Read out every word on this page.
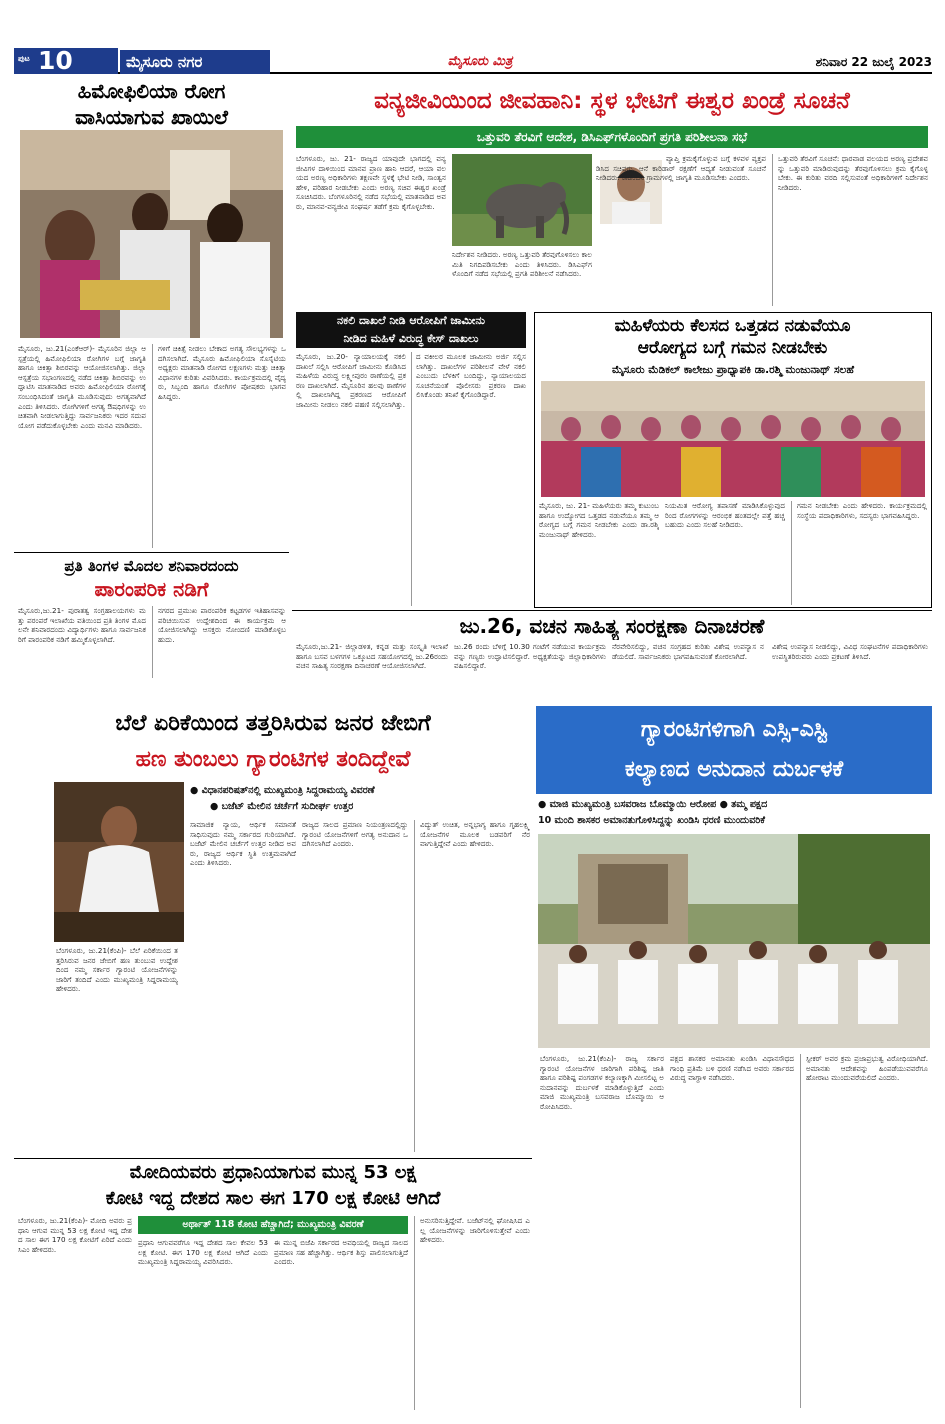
ಪುಟ 10	ಮೈಸೂರು ನಗರ	ಮೈಸೂರು ಮಿತ್ರ	ಶನಿವಾರ 22 ಜುಲೈ 2023
ಹಿಮೋಫಿಲಿಯಾ ರೋಗ
ವಾಸಿಯಾಗುವ ಖಾಯಿಲೆ
ಮೈಸೂರು, ಜು.21(ಎಂಕೆಆರ್)- ಮೈಸೂರಿನ ಜಿಲ್ಲಾ ಆಸ್ಪತ್ರೆಯಲ್ಲಿ ಹಿಮೋಫಿಲಿಯಾ ರೋಗಿಗಳ ಬಗ್ಗೆ ಜಾಗೃತಿ ಹಾಗೂ ಚಿಕಿತ್ಸಾ ಶಿಬಿರವನ್ನು ಆಯೋಜಿಸಲಾಗಿತ್ತು. ಜಿಲ್ಲಾ ಆಸ್ಪತ್ರೆಯ ಸಭಾಂಗಣದಲ್ಲಿ ನಡೆದ ಚಿಕಿತ್ಸಾ ಶಿಬಿರವನ್ನು ಉದ್ಘಾಟಿಸಿ ಮಾತನಾಡಿದ ಅವರು ಹಿಮೋಫಿಲಿಯಾ ರೋಗಕ್ಕೆ ಸಂಬಂಧಿಸಿದಂತೆ ಜಾಗೃತಿ ಮೂಡಿಸುವುದು ಅಗತ್ಯವಾಗಿದೆ ಎಂದು ತಿಳಿಸಿದರು. ರೋಗಿಗಳಿಗೆ ಅಗತ್ಯ ಔಷಧಿಗಳನ್ನು ಉಚಿತವಾಗಿ ನೀಡಲಾಗುತ್ತಿದ್ದು ಸಾರ್ವಜನಿಕರು ಇದರ ಸದುಪಯೋಗ ಪಡೆದುಕೊಳ್ಳಬೇಕು ಎಂದು ಮನವಿ ಮಾಡಿದರು.
ಗಳಿಗೆ ಚಿಕಿತ್ಸೆ ನೀಡಲು ಬೇಕಾದ ಅಗತ್ಯ ಸೌಲಭ್ಯಗಳನ್ನು ಒದಗಿಸಲಾಗಿದೆ. ಮೈಸೂರು ಹಿಮೋಫಿಲಿಯಾ ಸೊಸೈಟಿಯ ಅಧ್ಯಕ್ಷರು ಮಾತನಾಡಿ ರೋಗದ ಲಕ್ಷಣಗಳು ಮತ್ತು ಚಿಕಿತ್ಸಾ ವಿಧಾನಗಳ ಕುರಿತು ವಿವರಿಸಿದರು. ಕಾರ್ಯಕ್ರಮದಲ್ಲಿ ವೈದ್ಯರು, ಸಿಬ್ಬಂದಿ ಹಾಗೂ ರೋಗಿಗಳ ಪೋಷಕರು ಭಾಗವಹಿಸಿದ್ದರು.
ಪ್ರತಿ ತಿಂಗಳ ಮೊದಲ ಶನಿವಾರದಂದು
ಪಾರಂಪರಿಕ ನಡಿಗೆ
ಮೈಸೂರು,ಜು.21- ಪುರಾತತ್ವ ಸಂಗ್ರಹಾಲಯಗಳು ಮತ್ತು ಪರಂಪರೆ ಇಲಾಖೆಯ ವತಿಯಿಂದ ಪ್ರತಿ ತಿಂಗಳ ಮೊದಲನೇ ಶನಿವಾರದಂದು ವಿದ್ಯಾರ್ಥಿಗಳು ಹಾಗೂ ಸಾರ್ವಜನಿಕರಿಗೆ ಪಾರಂಪರಿಕ ನಡಿಗೆ ಹಮ್ಮಿಕೊಳ್ಳಲಾಗಿದೆ.
ನಗರದ ಪ್ರಮುಖ ಪಾರಂಪರಿಕ ಕಟ್ಟಡಗಳ ಇತಿಹಾಸವನ್ನು ಪರಿಚಯಿಸುವ ಉದ್ದೇಶದಿಂದ ಈ ಕಾರ್ಯಕ್ರಮ ಆಯೋಜಿಸಲಾಗಿದ್ದು ಆಸಕ್ತರು ನೋಂದಣಿ ಮಾಡಿಕೊಳ್ಳಬಹುದು.
ವನ್ಯಜೀವಿಯಿಂದ ಜೀವಹಾನಿ: ಸ್ಥಳ ಭೇಟಿಗೆ ಈಶ್ವರ ಖಂಡ್ರೆ ಸೂಚನೆ
ಒತ್ತುವರಿ ತೆರವಿಗೆ ಆದೇಶ, ಡಿಸಿಎಫ್‌ಗಳೊಂದಿಗೆ ಪ್ರಗತಿ ಪರಿಶೀಲನಾ ಸಭೆ
ಬೆಂಗಳೂರು, ಜು. 21- ರಾಜ್ಯದ ಯಾವುದೇ ಭಾಗದಲ್ಲಿ ವನ್ಯಜೀವಿಗಳ ದಾಳಿಯಿಂದ ಮಾನವ ಪ್ರಾಣ ಹಾನಿ ಆದರೆ, ಆಯಾ ವಲಯದ ಅರಣ್ಯ ಅಧಿಕಾರಿಗಳು ತಕ್ಷಣವೇ ಸ್ಥಳಕ್ಕೆ ಭೇಟಿ ನೀಡಿ, ಸಾಂತ್ವನ ಹೇಳಿ, ಪರಿಹಾರ ನೀಡಬೇಕು ಎಂದು ಅರಣ್ಯ ಸಚಿವ ಈಶ್ವರ ಖಂಡ್ರೆ ಸೂಚಿಸಿದರು. ಬೆಂಗಳೂರಿನಲ್ಲಿ ನಡೆದ ಸಭೆಯಲ್ಲಿ ಮಾತನಾಡಿದ ಅವರು, ಮಾನವ-ವನ್ಯಜೀವಿ ಸಂಘರ್ಷ ತಡೆಗೆ ಕ್ರಮ ಕೈಗೊಳ್ಳಬೇಕು.
ನಿರ್ದೇಶನ ನೀಡಿದರು. ಅರಣ್ಯ ಒತ್ತುವರಿ ತೆರವುಗೊಳಿಸಲು ಕಾಲಮಿತಿ ನಿಗದಿಪಡಿಸಬೇಕು ಎಂದು ತಿಳಿಸಿದರು. ಡಿಸಿಎಫ್‌ಗಳೊಂದಿಗೆ ನಡೆದ ಸಭೆಯಲ್ಲಿ ಪ್ರಗತಿ ಪರಿಶೀಲನೆ ನಡೆಸಿದರು.
ವ್ಯಾಪ್ತಿ ಕ್ರಮಕೈಗೊಳ್ಳುವ ಬಗ್ಗೆ ಕಳವಳ ವ್ಯಕ್ತಪಡಿಸಿದ ಸಚಿವರು, ಆನೆ ಕಾರಿಡಾರ್ ರಕ್ಷಣೆಗೆ ಆದ್ಯತೆ ನೀಡುವಂತೆ ಸೂಚನೆ ನೀಡಿದರು. ಕಾಡಂಚಿನ ಗ್ರಾಮಗಳಲ್ಲಿ ಜಾಗೃತಿ ಮೂಡಿಸಬೇಕು ಎಂದರು.
ಒತ್ತುವರಿ ತೆರವಿಗೆ ಸೂಚನೆ: ಧಾರವಾಡ ವಲಯದ ಅರಣ್ಯ ಪ್ರದೇಶವನ್ನು ಒತ್ತುವರಿ ಮಾಡಿರುವುದನ್ನು ತೆರವುಗೊಳಿಸಲು ಕ್ರಮ ಕೈಗೊಳ್ಳಬೇಕು. ಈ ಕುರಿತು ವರದಿ ಸಲ್ಲಿಸುವಂತೆ ಅಧಿಕಾರಿಗಳಿಗೆ ನಿರ್ದೇಶನ ನೀಡಿದರು.
ನಕಲಿ ದಾಖಲೆ ನೀಡಿ ಆರೋಪಿಗೆ ಜಾಮೀನು
ನೀಡಿದ ಮಹಿಳೆ ವಿರುದ್ಧ ಕೇಸ್ ದಾಖಲು
ಮೈಸೂರು, ಜು.20- ನ್ಯಾಯಾಲಯಕ್ಕೆ ನಕಲಿ ದಾಖಲೆ ಸಲ್ಲಿಸಿ ಆರೋಪಿಗೆ ಜಾಮೀನು ಕೊಡಿಸಿದ ಮಹಿಳೆಯ ವಿರುದ್ಧ ಲಕ್ಷ್ಮೀಪುರಂ ಠಾಣೆಯಲ್ಲಿ ಪ್ರಕರಣ ದಾಖಲಾಗಿದೆ. ಮೈಸೂರಿನ ಹಲವು ಠಾಣೆಗಳಲ್ಲಿ ದಾಖಲಾಗಿದ್ದ ಪ್ರಕರಣದ ಆರೋಪಿಗೆ ಜಾಮೀನು ನೀಡಲು ನಕಲಿ ಪಹಣಿ ಸಲ್ಲಿಸಲಾಗಿತ್ತು.
ದ ವಕೀಲರ ಮೂಲಕ ಜಾಮೀನು ಅರ್ಜಿ ಸಲ್ಲಿಸಲಾಗಿತ್ತು. ದಾಖಲೆಗಳ ಪರಿಶೀಲನೆ ವೇಳೆ ನಕಲಿ ಎಂಬುದು ಬೆಳಕಿಗೆ ಬಂದಿದ್ದು, ನ್ಯಾಯಾಲಯದ ಸೂಚನೆಯಂತೆ ಪೊಲೀಸರು ಪ್ರಕರಣ ದಾಖಲಿಸಿಕೊಂಡು ತನಿಖೆ ಕೈಗೊಂಡಿದ್ದಾರೆ.
ಮಹಿಳೆಯರು ಕೆಲಸದ ಒತ್ತಡದ ನಡುವೆಯೂ
ಆರೋಗ್ಯದ ಬಗ್ಗೆ ಗಮನ ನೀಡಬೇಕು
ಮೈಸೂರು ಮೆಡಿಕಲ್ ಕಾಲೇಜು ಪ್ರಾಧ್ಯಾಪಕಿ ಡಾ.ರಶ್ಮಿ ಮಂಜುನಾಥ್ ಸಲಹೆ
ಮೈಸೂರು, ಜು. 21- ಮಹಿಳೆಯರು ತಮ್ಮ ಕುಟುಂಬ ಹಾಗೂ ಉದ್ಯೋಗದ ಒತ್ತಡದ ನಡುವೆಯೂ ತಮ್ಮ ಆರೋಗ್ಯದ ಬಗ್ಗೆ ಗಮನ ನೀಡಬೇಕು ಎಂದು ಡಾ.ರಶ್ಮಿ ಮಂಜುನಾಥ್ ಹೇಳಿದರು.
ನಿಯಮಿತ ಆರೋಗ್ಯ ತಪಾಸಣೆ ಮಾಡಿಸಿಕೊಳ್ಳುವುದರಿಂದ ರೋಗಗಳನ್ನು ಆರಂಭಿಕ ಹಂತದಲ್ಲೇ ಪತ್ತೆ ಹಚ್ಚಬಹುದು ಎಂದು ಸಲಹೆ ನೀಡಿದರು.
ಗಮನ ನೀಡಬೇಕು ಎಂದು ಹೇಳಿದರು. ಕಾರ್ಯಕ್ರಮದಲ್ಲಿ ಸಂಸ್ಥೆಯ ಪದಾಧಿಕಾರಿಗಳು, ಸದಸ್ಯರು ಭಾಗವಹಿಸಿದ್ದರು.
ಜು.26, ವಚನ ಸಾಹಿತ್ಯ ಸಂರಕ್ಷಣಾ ದಿನಾಚರಣೆ
ಮೈಸೂರು,ಜು.21- ಜಿಲ್ಲಾಡಳಿತ, ಕನ್ನಡ ಮತ್ತು ಸಂಸ್ಕೃತಿ ಇಲಾಖೆ ಹಾಗೂ ಬಸವ ಬಳಗಗಳ ಒಕ್ಕೂಟದ ಸಹಯೋಗದಲ್ಲಿ ಜು.26ರಂದು ವಚನ ಸಾಹಿತ್ಯ ಸಂರಕ್ಷಣಾ ದಿನಾಚರಣೆ ಆಯೋಜಿಸಲಾಗಿದೆ.
ಜು.26 ರಂದು ಬೆಳಿಗ್ಗೆ 10.30 ಗಂಟೆಗೆ ನಡೆಯುವ ಕಾರ್ಯಕ್ರಮವನ್ನು ಗಣ್ಯರು ಉದ್ಘಾಟಿಸಲಿದ್ದಾರೆ. ಅಧ್ಯಕ್ಷತೆಯನ್ನು ಜಿಲ್ಲಾಧಿಕಾರಿಗಳು ವಹಿಸಲಿದ್ದಾರೆ.
ನೆರವೇರಿಸಲಿದ್ದು, ವಚನ ಸಂಗ್ರಹದ ಕುರಿತು ವಿಶೇಷ ಉಪನ್ಯಾಸ ನಡೆಯಲಿದೆ. ಸಾರ್ವಜನಿಕರು ಭಾಗವಹಿಸುವಂತೆ ಕೋರಲಾಗಿದೆ.
ವಿಶೇಷ ಉಪನ್ಯಾಸ ನೀಡಲಿದ್ದು, ವಿವಿಧ ಸಂಘಟನೆಗಳ ಪದಾಧಿಕಾರಿಗಳು ಉಪಸ್ಥಿತರಿರುವರು ಎಂದು ಪ್ರಕಟಣೆ ತಿಳಿಸಿದೆ.
ಬೆಲೆ ಏರಿಕೆಯಿಂದ ತತ್ತರಿಸಿರುವ ಜನರ ಜೇಬಿಗೆ
ಹಣ ತುಂಬಲು ಗ್ಯಾರಂಟಿಗಳ ತಂದಿದ್ದೇವೆ
● ವಿಧಾನಪರಿಷತ್‌ನಲ್ಲಿ ಮುಖ್ಯಮಂತ್ರಿ ಸಿದ್ದರಾಮಯ್ಯ ವಿವರಣೆ
● ಬಜೆಟ್ ಮೇಲಿನ ಚರ್ಚೆಗೆ ಸುದೀರ್ಘ ಉತ್ತರ
ಬೆಂಗಳೂರು, ಜು.21(ಕೆಂಪಿ)- ಬೆಲೆ ಏರಿಕೆಯಿಂದ ತತ್ತರಿಸಿರುವ ಜನರ ಜೇಬಿಗೆ ಹಣ ತುಂಬುವ ಉದ್ದೇಶದಿಂದ ನಮ್ಮ ಸರ್ಕಾರ ಗ್ಯಾರಂಟಿ ಯೋಜನೆಗಳನ್ನು ಜಾರಿಗೆ ತಂದಿದೆ ಎಂದು ಮುಖ್ಯಮಂತ್ರಿ ಸಿದ್ದರಾಮಯ್ಯ ಹೇಳಿದರು.
ಸಾಮಾಜಿಕ ನ್ಯಾಯ, ಆರ್ಥಿಕ ಸಮಾನತೆ ಸಾಧಿಸುವುದು ನಮ್ಮ ಸರ್ಕಾರದ ಗುರಿಯಾಗಿದೆ. ಬಜೆಟ್ ಮೇಲಿನ ಚರ್ಚೆಗೆ ಉತ್ತರ ನೀಡಿದ ಅವರು, ರಾಜ್ಯದ ಆರ್ಥಿಕ ಸ್ಥಿತಿ ಉತ್ತಮವಾಗಿದೆ ಎಂದು ತಿಳಿಸಿದರು.
ರಾಜ್ಯದ ಸಾಲದ ಪ್ರಮಾಣ ನಿಯಂತ್ರಣದಲ್ಲಿದ್ದು ಗ್ಯಾರಂಟಿ ಯೋಜನೆಗಳಿಗೆ ಅಗತ್ಯ ಅನುದಾನ ಒದಗಿಸಲಾಗಿದೆ ಎಂದರು.
ವಿದ್ಯುತ್ ಉಚಿತ, ಅನ್ನಭಾಗ್ಯ ಹಾಗೂ ಗೃಹಲಕ್ಷ್ಮಿ ಯೋಜನೆಗಳ ಮೂಲಕ ಬಡವರಿಗೆ ನೆರವಾಗುತ್ತಿದ್ದೇವೆ ಎಂದು ಹೇಳಿದರು.
ಗ್ಯಾರಂಟಿಗಳಿಗಾಗಿ ಎಸ್ಸಿ-ಎಸ್ಟಿ
ಕಲ್ಯಾಣದ ಅನುದಾನ ದುರ್ಬಳಕೆ
● ಮಾಜಿ ಮುಖ್ಯಮಂತ್ರಿ ಬಸವರಾಜ ಬೊಮ್ಮಾಯಿ ಆರೋಪ ● ತಮ್ಮ ಪಕ್ಷದ
10 ಮಂದಿ ಶಾಸಕರ ಅಮಾನತುಗೊಳಿಸಿದ್ದನ್ನು ಖಂಡಿಸಿ ಧರಣಿ ಮುಂದುವರಿಕೆ
ಬೆಂಗಳೂರು, ಜು.21(ಕೆಂಪಿ)- ರಾಜ್ಯ ಸರ್ಕಾರ ಗ್ಯಾರಂಟಿ ಯೋಜನೆಗಳ ಜಾರಿಗಾಗಿ ಪರಿಶಿಷ್ಟ ಜಾತಿ ಹಾಗೂ ಪರಿಶಿಷ್ಟ ಪಂಗಡಗಳ ಕಲ್ಯಾಣಕ್ಕಾಗಿ ಮೀಸಲಿಟ್ಟ ಅನುದಾನವನ್ನು ದುರ್ಬಳಕೆ ಮಾಡಿಕೊಳ್ಳುತ್ತಿದೆ ಎಂದು ಮಾಜಿ ಮುಖ್ಯಮಂತ್ರಿ ಬಸವರಾಜ ಬೊಮ್ಮಾಯಿ ಆರೋಪಿಸಿದರು.
ಪಕ್ಷದ ಶಾಸಕರ ಅಮಾನತು ಖಂಡಿಸಿ ವಿಧಾನಸೌಧದ ಗಾಂಧಿ ಪ್ರತಿಮೆ ಬಳಿ ಧರಣಿ ನಡೆಸಿದ ಅವರು ಸರ್ಕಾರದ ವಿರುದ್ಧ ವಾಗ್ದಾಳಿ ನಡೆಸಿದರು.
ಸ್ಪೀಕರ್ ಅವರ ಕ್ರಮ ಪ್ರಜಾಪ್ರಭುತ್ವ ವಿರೋಧಿಯಾಗಿದೆ. ಅಮಾನತು ಆದೇಶವನ್ನು ಹಿಂಪಡೆಯುವವರೆಗೂ ಹೋರಾಟ ಮುಂದುವರೆಯಲಿದೆ ಎಂದರು.
ಮೋದಿಯವರು ಪ್ರಧಾನಿಯಾಗುವ ಮುನ್ನ 53 ಲಕ್ಷ
ಕೋಟಿ ಇದ್ದ ದೇಶದ ಸಾಲ ಈಗ 170 ಲಕ್ಷ ಕೋಟಿ ಆಗಿದೆ
ಬೆಂಗಳೂರು, ಜು.21(ಕೆಂಪಿ)- ಮೋದಿ ಅವರು ಪ್ರಧಾನಿ ಆಗುವ ಮುನ್ನ 53 ಲಕ್ಷ ಕೋಟಿ ಇದ್ದ ದೇಶದ ಸಾಲ ಈಗ 170 ಲಕ್ಷ ಕೋಟಿಗೆ ಏರಿದೆ ಎಂದು ಸಿಎಂ ಹೇಳಿದರು.
ಅರ್ಥಾತ್ 118 ಕೋಟಿ ಹೆಚ್ಚಾಗಿದೆ; ಮುಖ್ಯಮಂತ್ರಿ ವಿವರಣೆ
ಪ್ರಧಾನಿ ಆಗುವವರೆಗೂ ಇದ್ದ ದೇಶದ ಸಾಲ ಕೇವಲ 53 ಲಕ್ಷ ಕೋಟಿ. ಈಗ 170 ಲಕ್ಷ ಕೋಟಿ ಆಗಿದೆ ಎಂದು ಮುಖ್ಯಮಂತ್ರಿ ಸಿದ್ದರಾಮಯ್ಯ ವಿವರಿಸಿದರು.
ಈ ಮುನ್ನ ಬಿಜೆಪಿ ಸರ್ಕಾರದ ಅವಧಿಯಲ್ಲಿ ರಾಜ್ಯದ ಸಾಲದ ಪ್ರಮಾಣ ಸಹ ಹೆಚ್ಚಾಗಿತ್ತು. ಆರ್ಥಿಕ ಶಿಸ್ತು ಪಾಲಿಸಲಾಗುತ್ತಿದೆ ಎಂದರು.
ಅನುಸರಿಸುತ್ತಿದ್ದೇವೆ. ಬಜೆಟ್‌ನಲ್ಲಿ ಘೋಷಿಸಿದ ಎಲ್ಲ ಯೋಜನೆಗಳನ್ನು ಜಾರಿಗೊಳಿಸುತ್ತೇವೆ ಎಂದು ಹೇಳಿದರು.
